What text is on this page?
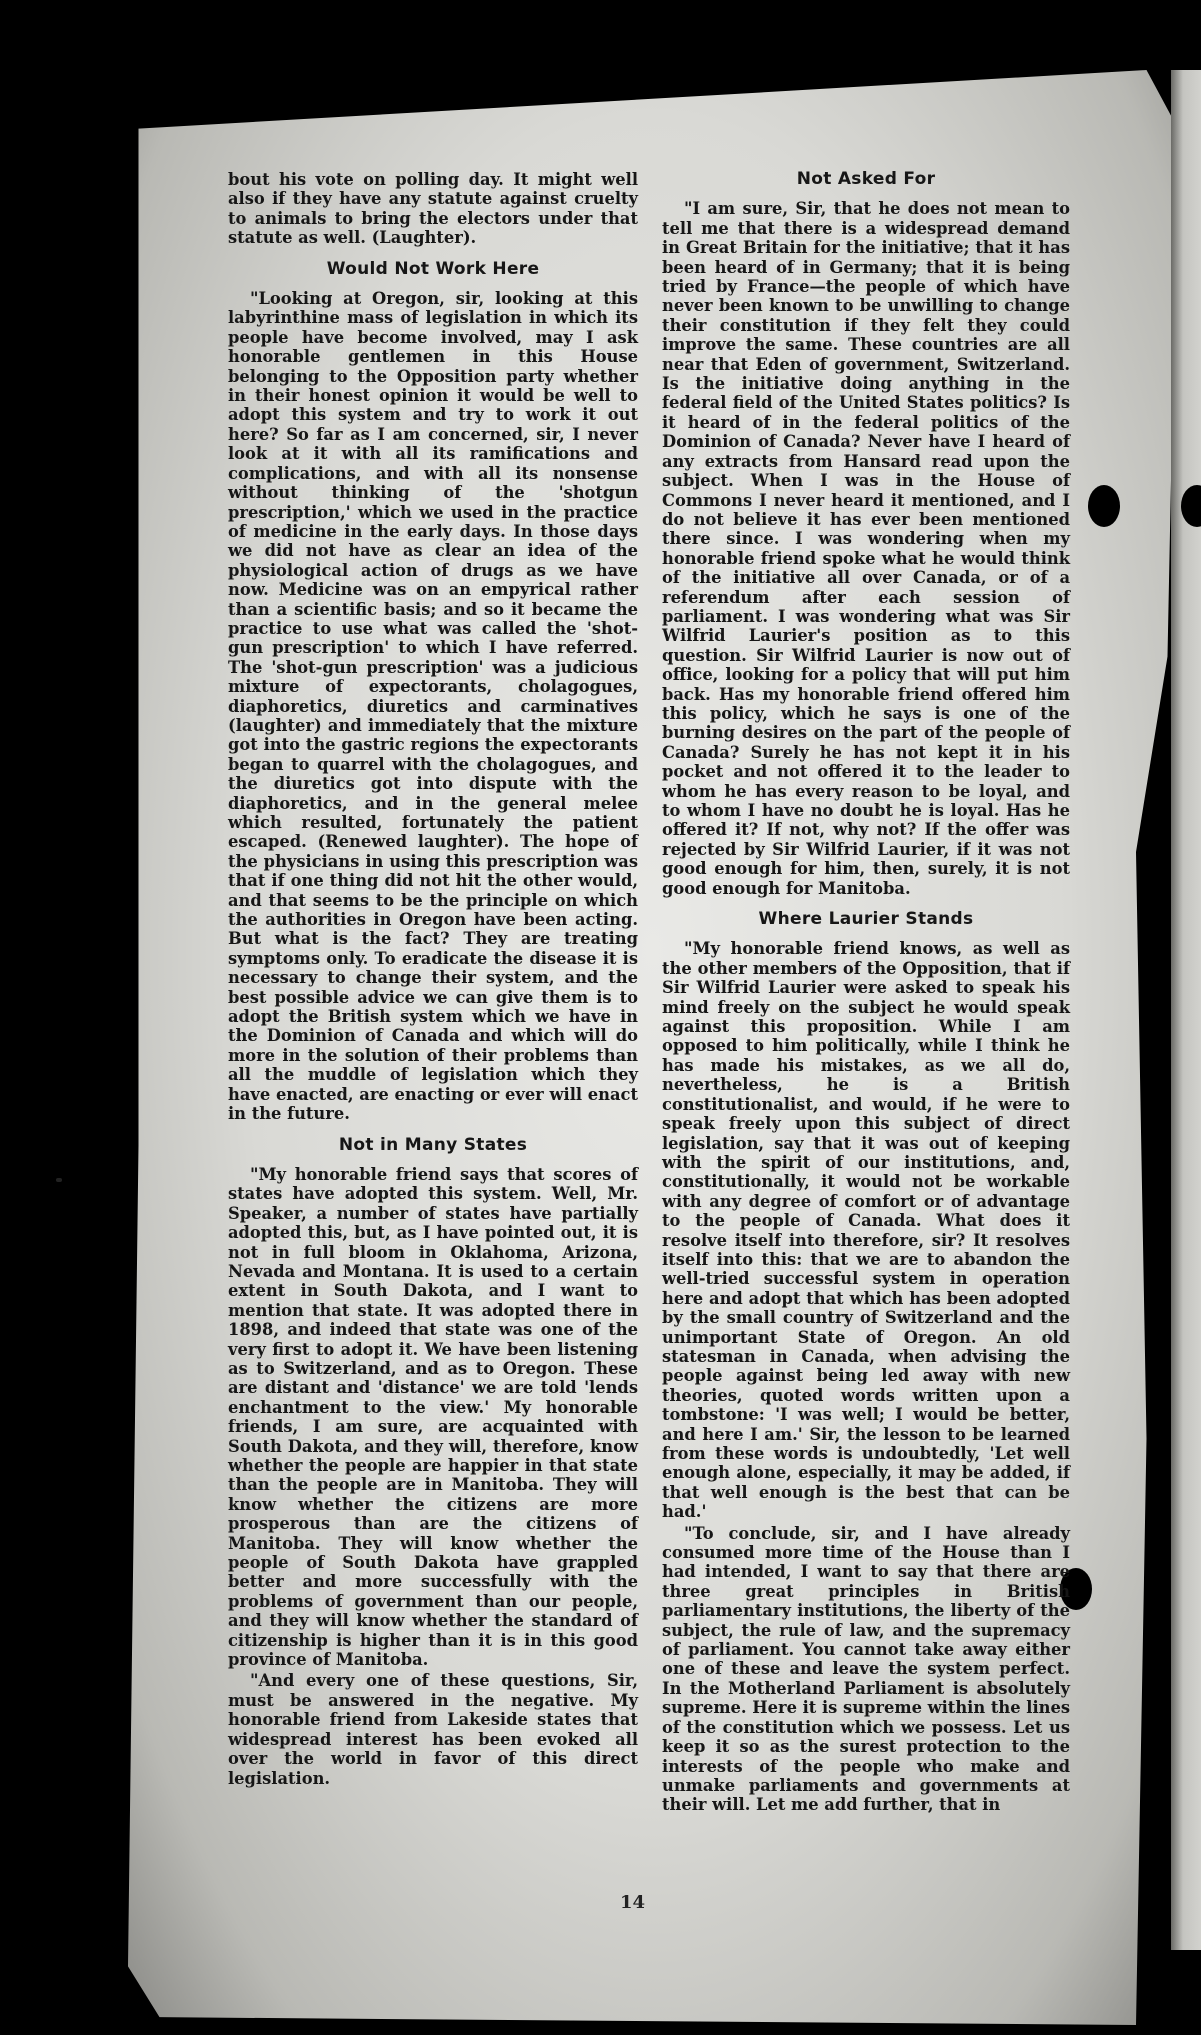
bout his vote on polling day. It might well also if they have any statute against cruelty to animals to bring the electors under that statute as well. (Laughter).

Would Not Work Here

"Looking at Oregon, sir, looking at this labyrinthine mass of legislation in which its people have become involved, may I ask honorable gentlemen in this House belonging to the Opposition party whether in their honest opinion it would be well to adopt this system and try to work it out here? So far as I am concerned, sir, I never look at it with all its ramifications and complications, and with all its nonsense without thinking of the 'shotgun prescription,' which we used in the practice of medicine in the early days. In those days we did not have as clear an idea of the physiological action of drugs as we have now. Medicine was on an empyrical rather than a scientific basis; and so it became the practice to use what was called the 'shot-gun prescription' to which I have referred. The 'shot-gun prescription' was a judicious mixture of expectorants, cholagogues, diaphoretics, diuretics and carminatives (laughter) and immediately that the mixture got into the gastric regions the expectorants began to quarrel with the cholagogues, and the diuretics got into dispute with the diaphoretics, and in the general melee which resulted, fortunately the patient escaped. (Renewed laughter). The hope of the physicians in using this prescription was that if one thing did not hit the other would, and that seems to be the principle on which the authorities in Oregon have been acting. But what is the fact? They are treating symptoms only. To eradicate the disease it is necessary to change their system, and the best possible advice we can give them is to adopt the British system which we have in the Dominion of Canada and which will do more in the solution of their problems than all the muddle of legislation which they have enacted, are enacting or ever will enact in the future.

Not in Many States

"My honorable friend says that scores of states have adopted this system. Well, Mr. Speaker, a number of states have partially adopted this, but, as I have pointed out, it is not in full bloom in Oklahoma, Arizona, Nevada and Montana. It is used to a certain extent in South Dakota, and I want to mention that state. It was adopted there in 1898, and indeed that state was one of the very first to adopt it. We have been listening as to Switzerland, and as to Oregon. These are distant and 'distance' we are told 'lends enchantment to the view.' My honorable friends, I am sure, are acquainted with South Dakota, and they will, therefore, know whether the people are happier in that state than the people are in Manitoba. They will know whether the citizens are more prosperous than are the citizens of Manitoba. They will know whether the people of South Dakota have grappled better and more successfully with the problems of government than our people, and they will know whether the standard of citizenship is higher than it is in this good province of Manitoba.

"And every one of these questions, Sir, must be answered in the negative. My honorable friend from Lakeside states that widespread interest has been evoked all over the world in favor of this direct legislation.

Not Asked For

"I am sure, Sir, that he does not mean to tell me that there is a widespread demand in Great Britain for the initiative; that it has been heard of in Germany; that it is being tried by France—the people of which have never been known to be unwilling to change their constitution if they felt they could improve the same. These countries are all near that Eden of government, Switzerland. Is the initiative doing anything in the federal field of the United States politics? Is it heard of in the federal politics of the Dominion of Canada? Never have I heard of any extracts from Hansard read upon the subject. When I was in the House of Commons I never heard it mentioned, and I do not believe it has ever been mentioned there since. I was wondering when my honorable friend spoke what he would think of the initiative all over Canada, or of a referendum after each session of parliament. I was wondering what was Sir Wilfrid Laurier's position as to this question. Sir Wilfrid Laurier is now out of office, looking for a policy that will put him back. Has my honorable friend offered him this policy, which he says is one of the burning desires on the part of the people of Canada? Surely he has not kept it in his pocket and not offered it to the leader to whom he has every reason to be loyal, and to whom I have no doubt he is loyal. Has he offered it? If not, why not? If the offer was rejected by Sir Wilfrid Laurier, if it was not good enough for him, then, surely, it is not good enough for Manitoba.

Where Laurier Stands

"My honorable friend knows, as well as the other members of the Opposition, that if Sir Wilfrid Laurier were asked to speak his mind freely on the subject he would speak against this proposition. While I am opposed to him politically, while I think he has made his mistakes, as we all do, nevertheless, he is a British constitutionalist, and would, if he were to speak freely upon this subject of direct legislation, say that it was out of keeping with the spirit of our institutions, and, constitutionally, it would not be workable with any degree of comfort or of advantage to the people of Canada. What does it resolve itself into therefore, sir? It resolves itself into this: that we are to abandon the well-tried successful system in operation here and adopt that which has been adopted by the small country of Switzerland and the unimportant State of Oregon. An old statesman in Canada, when advising the people against being led away with new theories, quoted words written upon a tombstone: 'I was well; I would be better, and here I am.' Sir, the lesson to be learned from these words is undoubtedly, 'Let well enough alone, especially, it may be added, if that well enough is the best that can be had.'

"To conclude, sir, and I have already consumed more time of the House than I had intended, I want to say that there are three great principles in British parliamentary institutions, the liberty of the subject, the rule of law, and the supremacy of parliament. You cannot take away either one of these and leave the system perfect. In the Motherland Parliament is absolutely supreme. Here it is supreme within the lines of the constitution which we possess. Let us keep it so as the surest protection to the interests of the people who make and unmake parliaments and governments at their will. Let me add further, that in

14
